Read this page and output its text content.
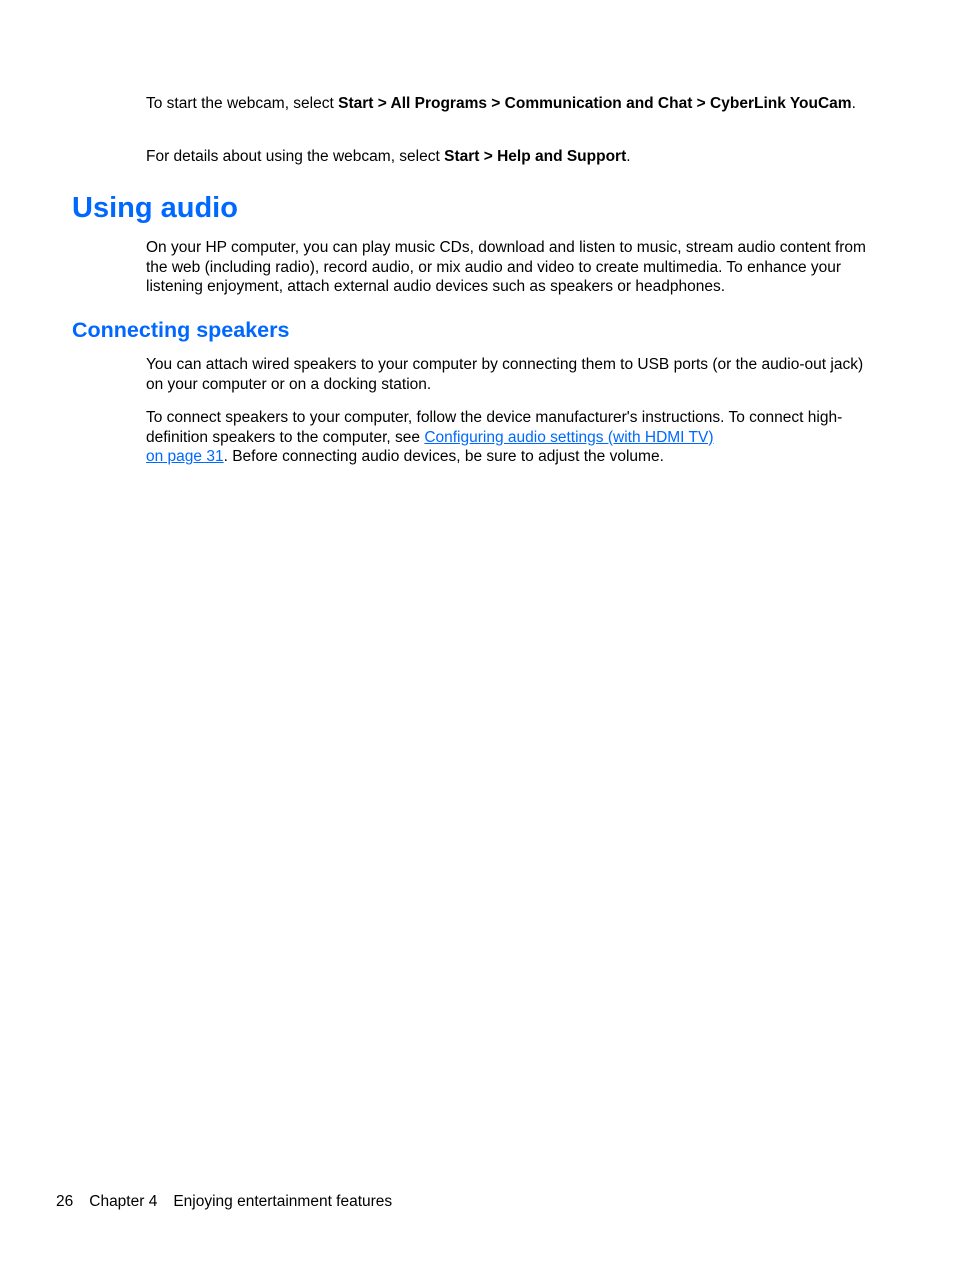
To start the webcam, select Start > All Programs > Communication and Chat > CyberLink YouCam.

For details about using the webcam, select Start > Help and Support.

Using audio

On your HP computer, you can play music CDs, download and listen to music, stream audio content from the web (including radio), record audio, or mix audio and video to create multimedia. To enhance your listening enjoyment, attach external audio devices such as speakers or headphones.

Connecting speakers

You can attach wired speakers to your computer by connecting them to USB ports (or the audio-out jack) on your computer or on a docking station.

To connect speakers to your computer, follow the device manufacturer's instructions. To connect high-definition speakers to the computer, see Configuring audio settings (with HDMI TV)
on page 31. Before connecting audio devices, be sure to adjust the volume.

26 Chapter 4 Enjoying entertainment features
